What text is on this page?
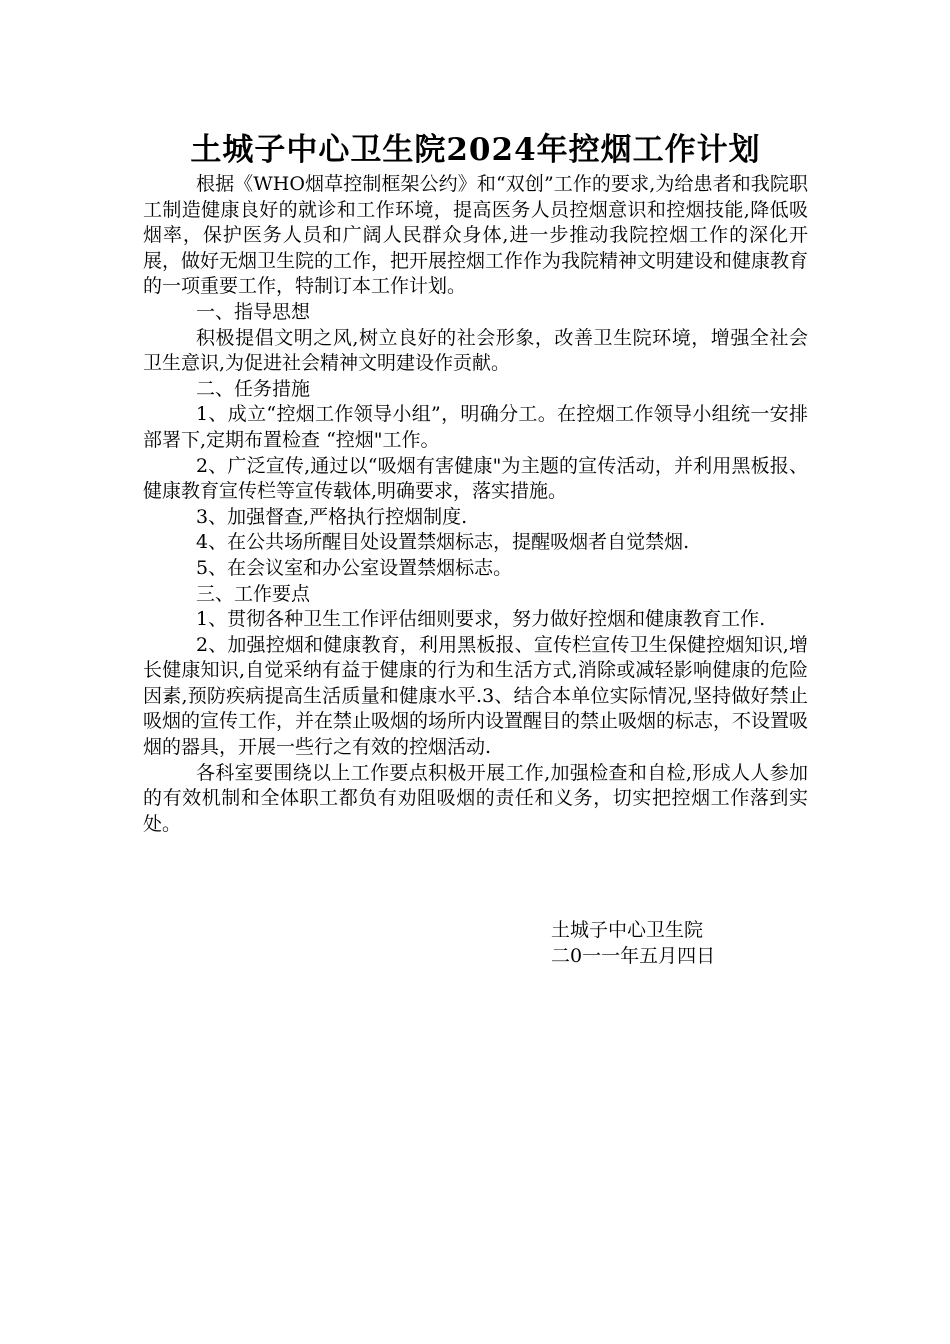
土城子中心卫生院2024年控烟工作计划

根据《WHO烟草控制框架公约》和“双创”工作的要求,为给患者和我院职工制造健康良好的就诊和工作环境，提高医务人员控烟意识和控烟技能,降低吸烟率，保护医务人员和广阔人民群众身体,进一步推动我院控烟工作的深化开展，做好无烟卫生院的工作，把开展控烟工作作为我院精神文明建设和健康教育的一项重要工作，特制订本工作计划。

一、指导思想

积极提倡文明之风,树立良好的社会形象，改善卫生院环境，增强全社会卫生意识,为促进社会精神文明建设作贡献。

二、任务措施

1、成立“控烟工作领导小组”，明确分工。在控烟工作领导小组统一安排部署下,定期布置检查 “控烟"工作。

2、广泛宣传,通过以“吸烟有害健康"为主题的宣传活动，并利用黑板报、健康教育宣传栏等宣传载体,明确要求，落实措施。

3、加强督查,严格执行控烟制度.

4、在公共场所醒目处设置禁烟标志，提醒吸烟者自觉禁烟.

5、在会议室和办公室设置禁烟标志。

三、工作要点

1、贯彻各种卫生工作评估细则要求，努力做好控烟和健康教育工作.

2、加强控烟和健康教育，利用黑板报、宣传栏宣传卫生保健控烟知识,增长健康知识,自觉采纳有益于健康的行为和生活方式,消除或减轻影响健康的危险因素,预防疾病提高生活质量和健康水平.3、结合本单位实际情况,坚持做好禁止吸烟的宣传工作，并在禁止吸烟的场所内设置醒目的禁止吸烟的标志，不设置吸烟的器具，开展一些行之有效的控烟活动.

各科室要围绕以上工作要点积极开展工作,加强检查和自检,形成人人参加的有效机制和全体职工都负有劝阻吸烟的责任和义务，切实把控烟工作落到实处。

土城子中心卫生院
二0一一年五月四日
